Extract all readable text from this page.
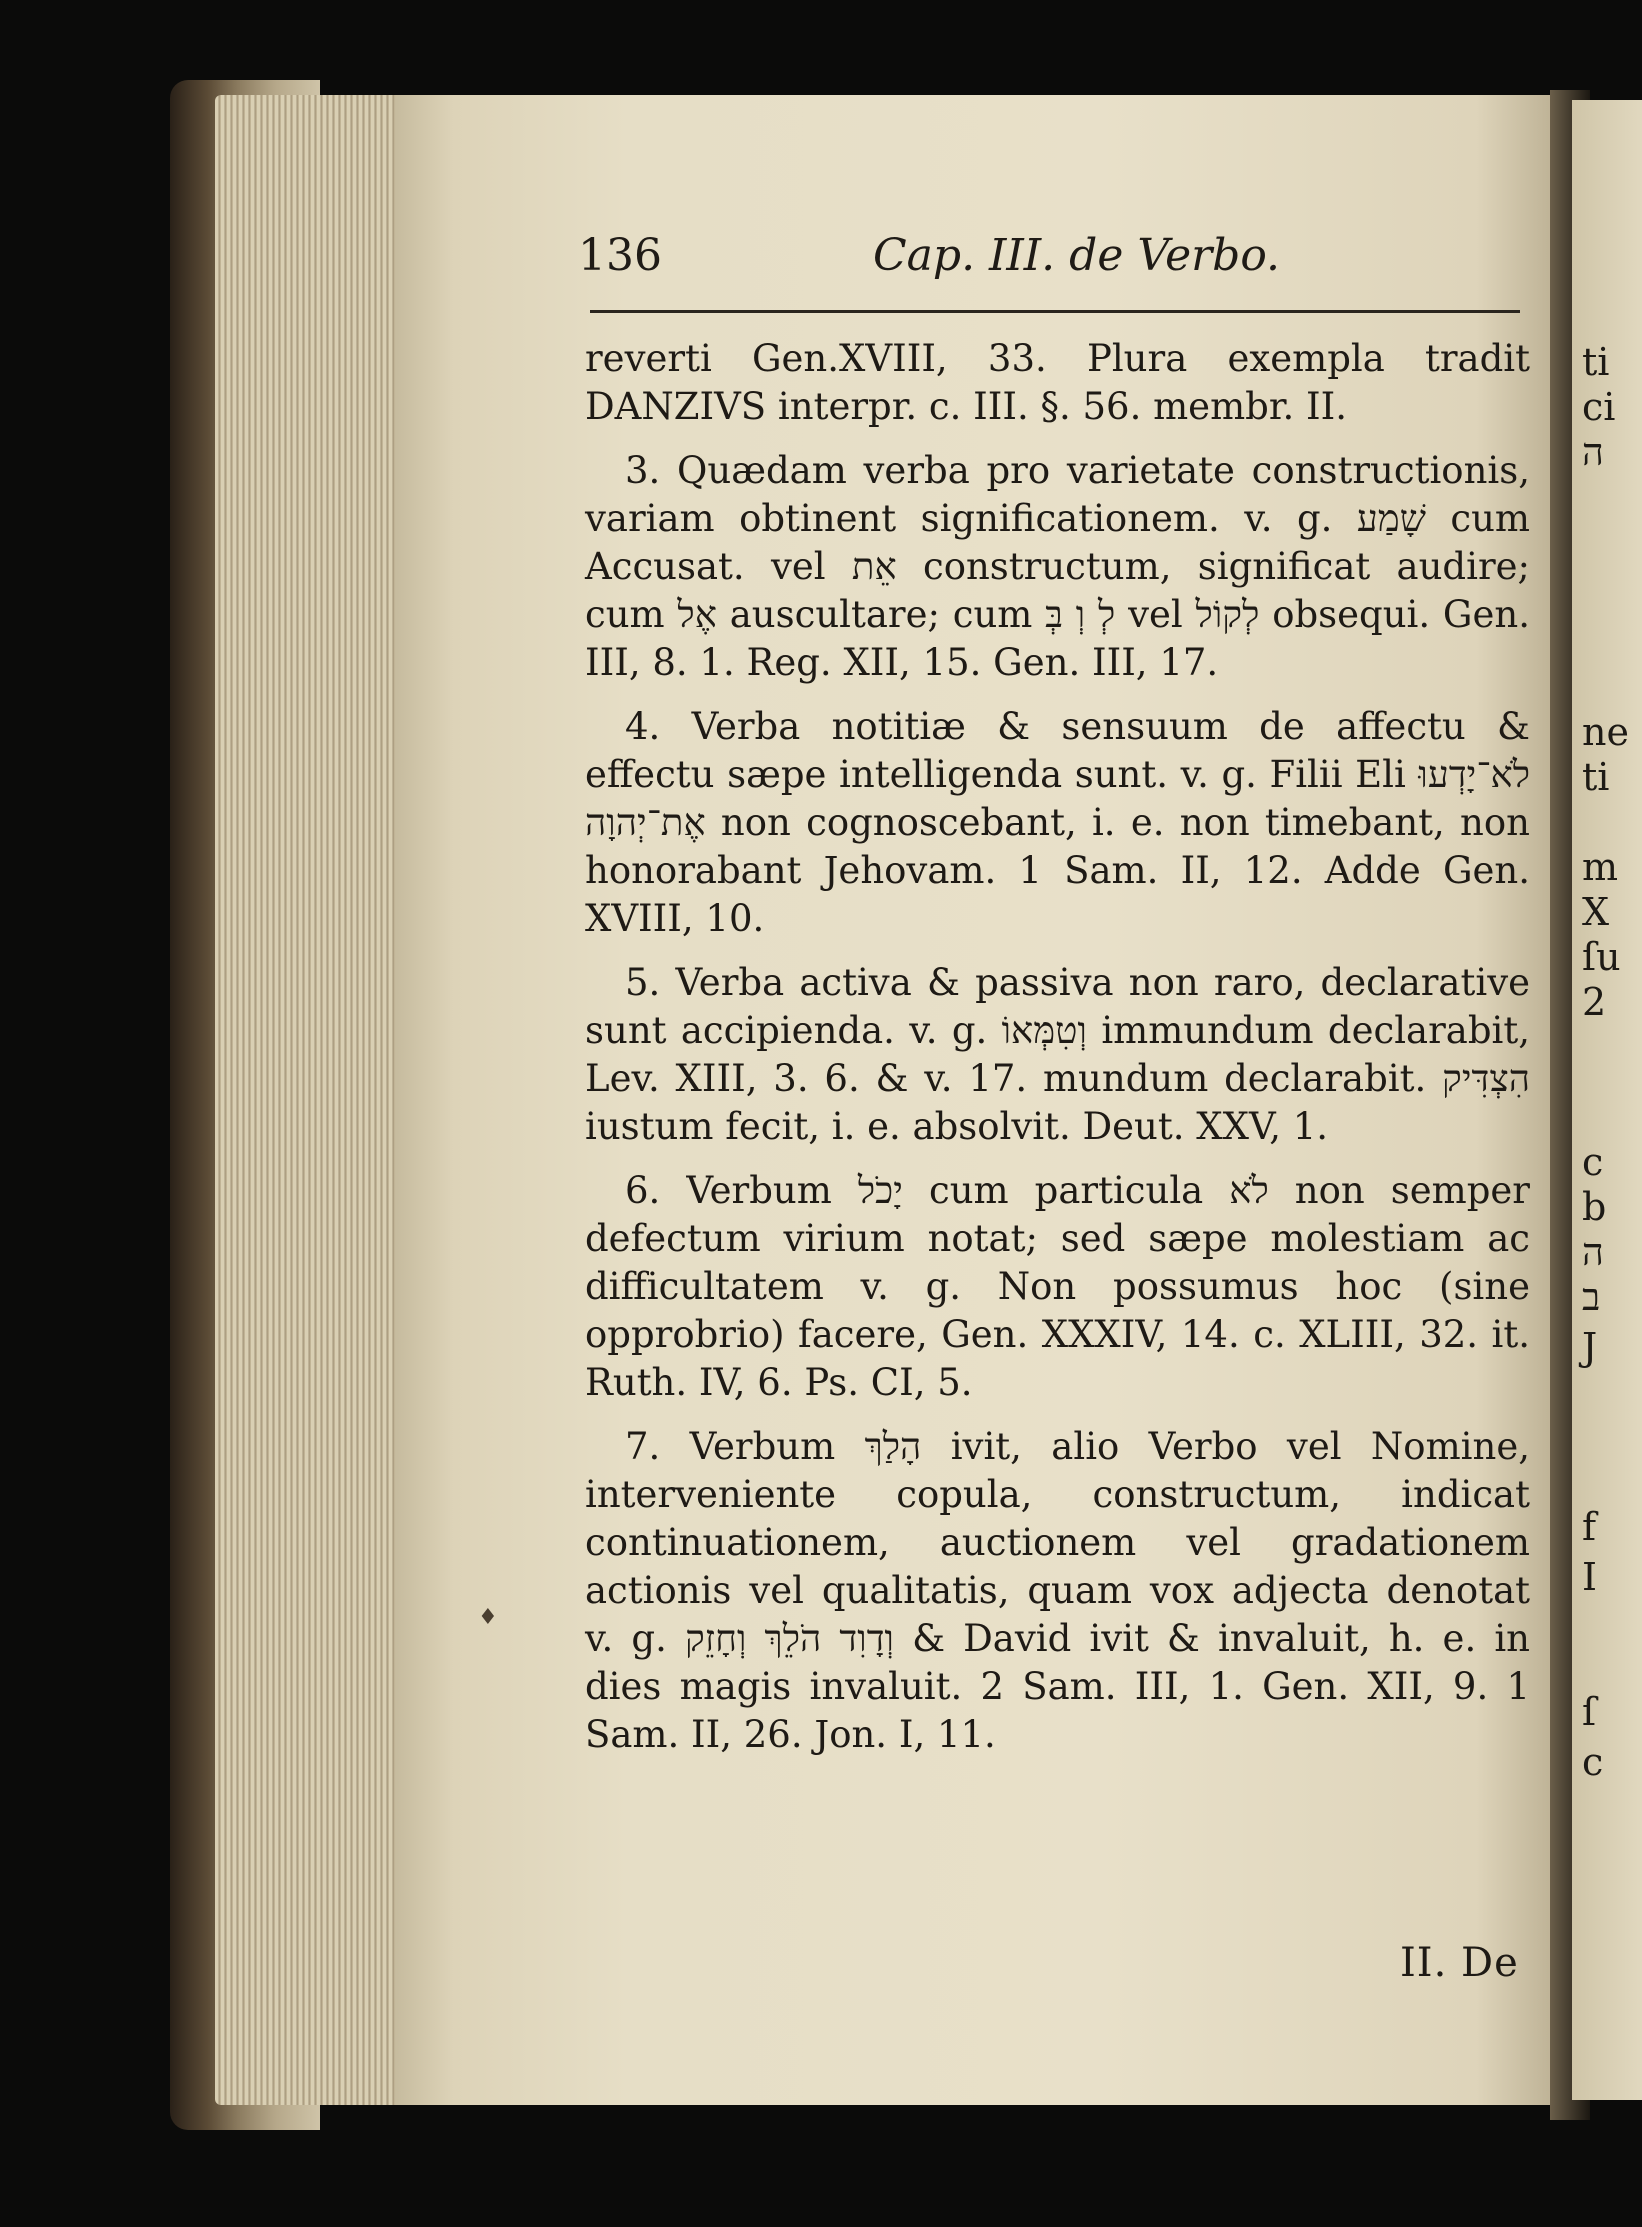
ti
ci
ה
ne
ti
m
X
ſu
2
c
b
ה
ב
J
f
I
ſ
c
136	Cap. III. de Verbo.

reverti Gen.XVIII, 33. Plura exempla tradit DANZIVS interpr. c. III. §. 56. membr. II.

3. Quædam verba pro varietate constructionis, variam obtinent significationem. v. g. שָׁמַע cum Accusat. vel אֵת constructum, significat audire; cum אֶל auscultare; cum לְ וְ בְּ vel לְקוֹל obsequi. Gen. III, 8. 1. Reg. XII, 15. Gen. III, 17.

4. Verba notitiæ & sensuum de affectu & effectu sæpe intelligenda sunt. v. g. Filii Eli לֹא־יָדְעוּ אֶת־יְהוָה non cognoscebant, i. e. non timebant, non honorabant Jehovam. 1 Sam. II, 12. Adde Gen. XVIII, 10.

5. Verba activa & passiva non raro, declarative sunt accipienda. v. g. וְטִמְּאוֹ immundum declarabit, Lev. XIII, 3. 6. & v. 17. mundum declarabit. הִצְדִּיק iustum fecit, i. e. absolvit. Deut. XXV, 1.

6. Verbum יָכֹל cum particula לֹא non semper defectum virium notat; sed sæpe molestiam ac difficultatem v. g. Non possumus hoc (sine opprobrio) facere, Gen. XXXIV, 14. c. XLIII, 32. it. Ruth. IV, 6. Ps. CI, 5.

7. Verbum הָלַךְ ivit, alio Verbo vel Nomine, interveniente copula, constructum, indicat continuationem, auctionem vel gradationem actionis vel qualitatis, quam vox adjecta denotat v. g. וְדָוִד הֹלֵךְ וְחָזֵק & David ivit & invaluit, h. e. in dies magis invaluit. 2 Sam. III, 1. Gen. XII, 9. 1 Sam. II, 26. Jon. I, 11.

♦
II. De
